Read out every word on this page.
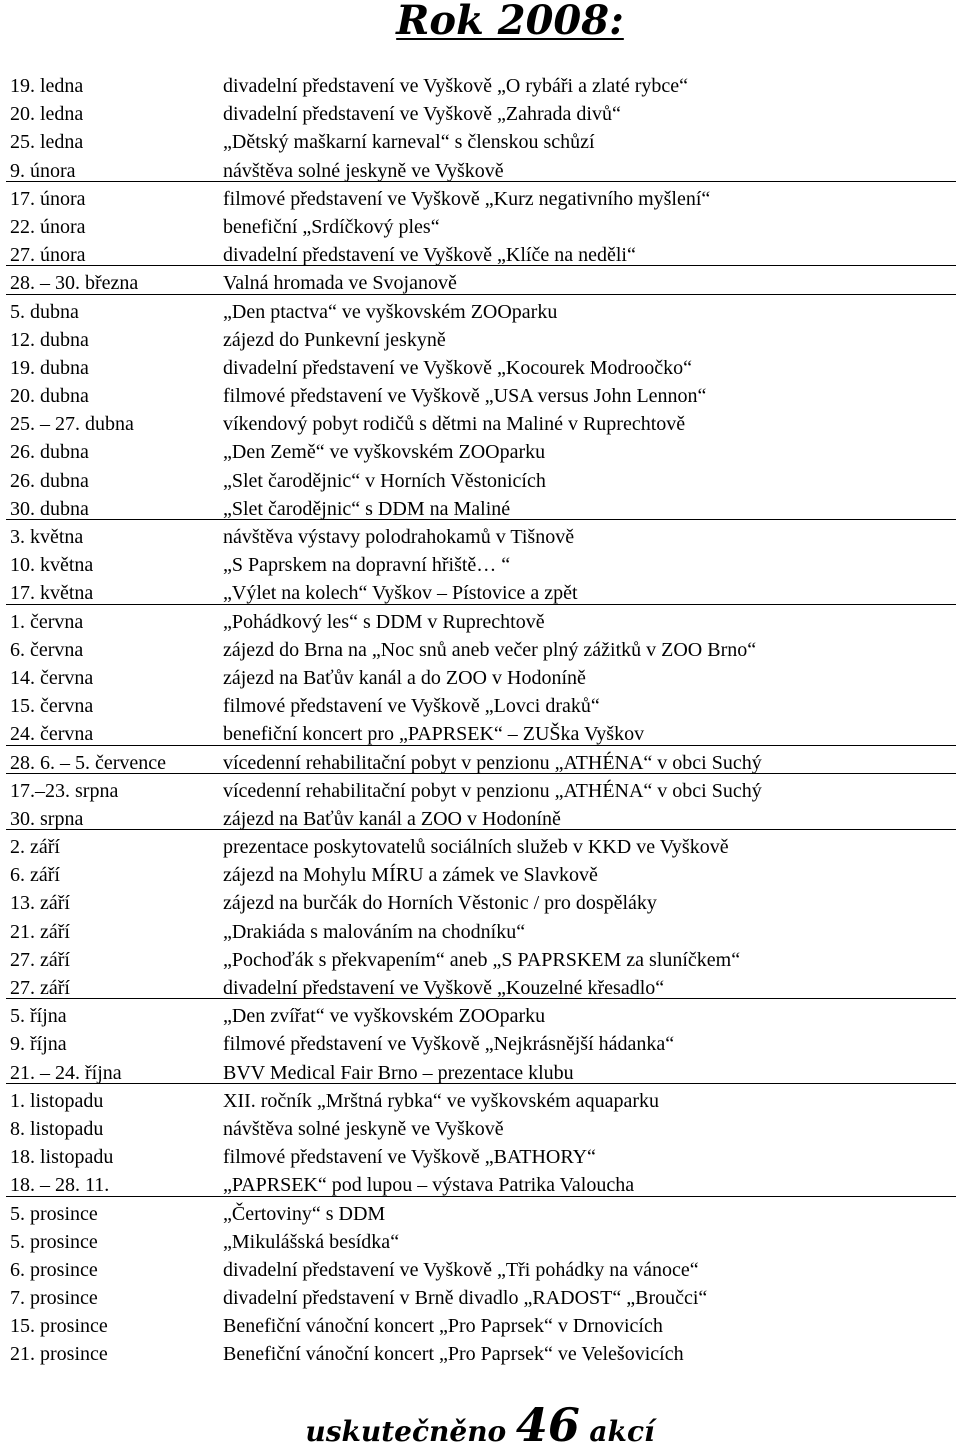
Rok 2008:
19. ledna	divadelní představení ve Vyškově „O rybáři a zlaté rybce“
20. ledna	divadelní představení ve Vyškově „Zahrada divů“
25. ledna	„Dětský maškarní karneval“ s členskou schůzí
9. února	návštěva solné jeskyně ve Vyškově
17. února	filmové představení ve Vyškově „Kurz negativního myšlení“
22. února	benefiční „Srdíčkový ples“
27. února	divadelní představení ve Vyškově „Klíče na neděli“
28. – 30. března	Valná hromada ve Svojanově
5. dubna	„Den ptactva“ ve vyškovském ZOOparku
12. dubna	zájezd do Punkevní jeskyně
19. dubna	divadelní představení ve Vyškově „Kocourek Modroočko“
20. dubna	filmové představení ve Vyškově „USA versus John Lennon“
25. – 27. dubna	víkendový pobyt rodičů s dětmi na Maliné v Ruprechtově
26. dubna	„Den Země“ ve vyškovském ZOOparku
26. dubna	„Slet čarodějnic“ v Horních Věstonicích
30. dubna	„Slet čarodějnic“ s DDM na Maliné
3. května	návštěva výstavy polodrahokamů v Tišnově
10. května	„S Paprskem na dopravní hřiště… “
17. května	„Výlet na kolech“ Vyškov – Pístovice a zpět
1. června	„Pohádkový les“ s DDM v Ruprechtově
6. června	zájezd do Brna na „Noc snů aneb večer plný zážitků v ZOO Brno“
14. června	zájezd na Baťův kanál a do ZOO v Hodoníně
15. června	filmové představení ve Vyškově „Lovci draků“
24. června	benefiční koncert pro „PAPRSEK“ – ZUŠka Vyškov
28. 6. – 5. července	vícedenní rehabilitační pobyt v penzionu „ATHÉNA“ v obci Suchý
17.–23. srpna	vícedenní rehabilitační pobyt v penzionu „ATHÉNA“ v obci Suchý
30. srpna	zájezd na Baťův kanál a ZOO v Hodoníně
2. září	prezentace poskytovatelů sociálních služeb v KKD ve Vyškově
6. září	zájezd na Mohylu MÍRU a zámek ve Slavkově
13. září	zájezd na burčák do Horních Věstonic / pro dospěláky
21. září	„Drakiáda s malováním na chodníku“
27. září	„Pochoďák s překvapením“ aneb „S PAPRSKEM za sluníčkem“
27. září	divadelní představení ve Vyškově „Kouzelné křesadlo“
5. října	„Den zvířat“ ve vyškovském ZOOparku
9. října	filmové představení ve Vyškově „Nejkrásnější hádanka“
21. – 24. října	BVV Medical Fair Brno – prezentace klubu
1. listopadu	XII. ročník „Mrštná rybka“ ve vyškovském aquaparku
8. listopadu	návštěva solné jeskyně ve Vyškově
18. listopadu	filmové představení ve Vyškově „BATHORY“
18. – 28. 11.	„PAPRSEK“ pod lupou – výstava Patrika Valoucha
5. prosince	„Čertoviny“ s DDM
5. prosince	„Mikulášská besídka“
6. prosince	divadelní představení ve Vyškově „Tři pohádky na vánoce“
7. prosince	divadelní představení v Brně divadlo „RADOST“ „Broučci“
15. prosince	Benefiční vánoční koncert „Pro Paprsek“ v Drnovicích
21. prosince	Benefiční vánoční koncert „Pro Paprsek“ ve Velešovicích
uskutečněno 46 akcí
